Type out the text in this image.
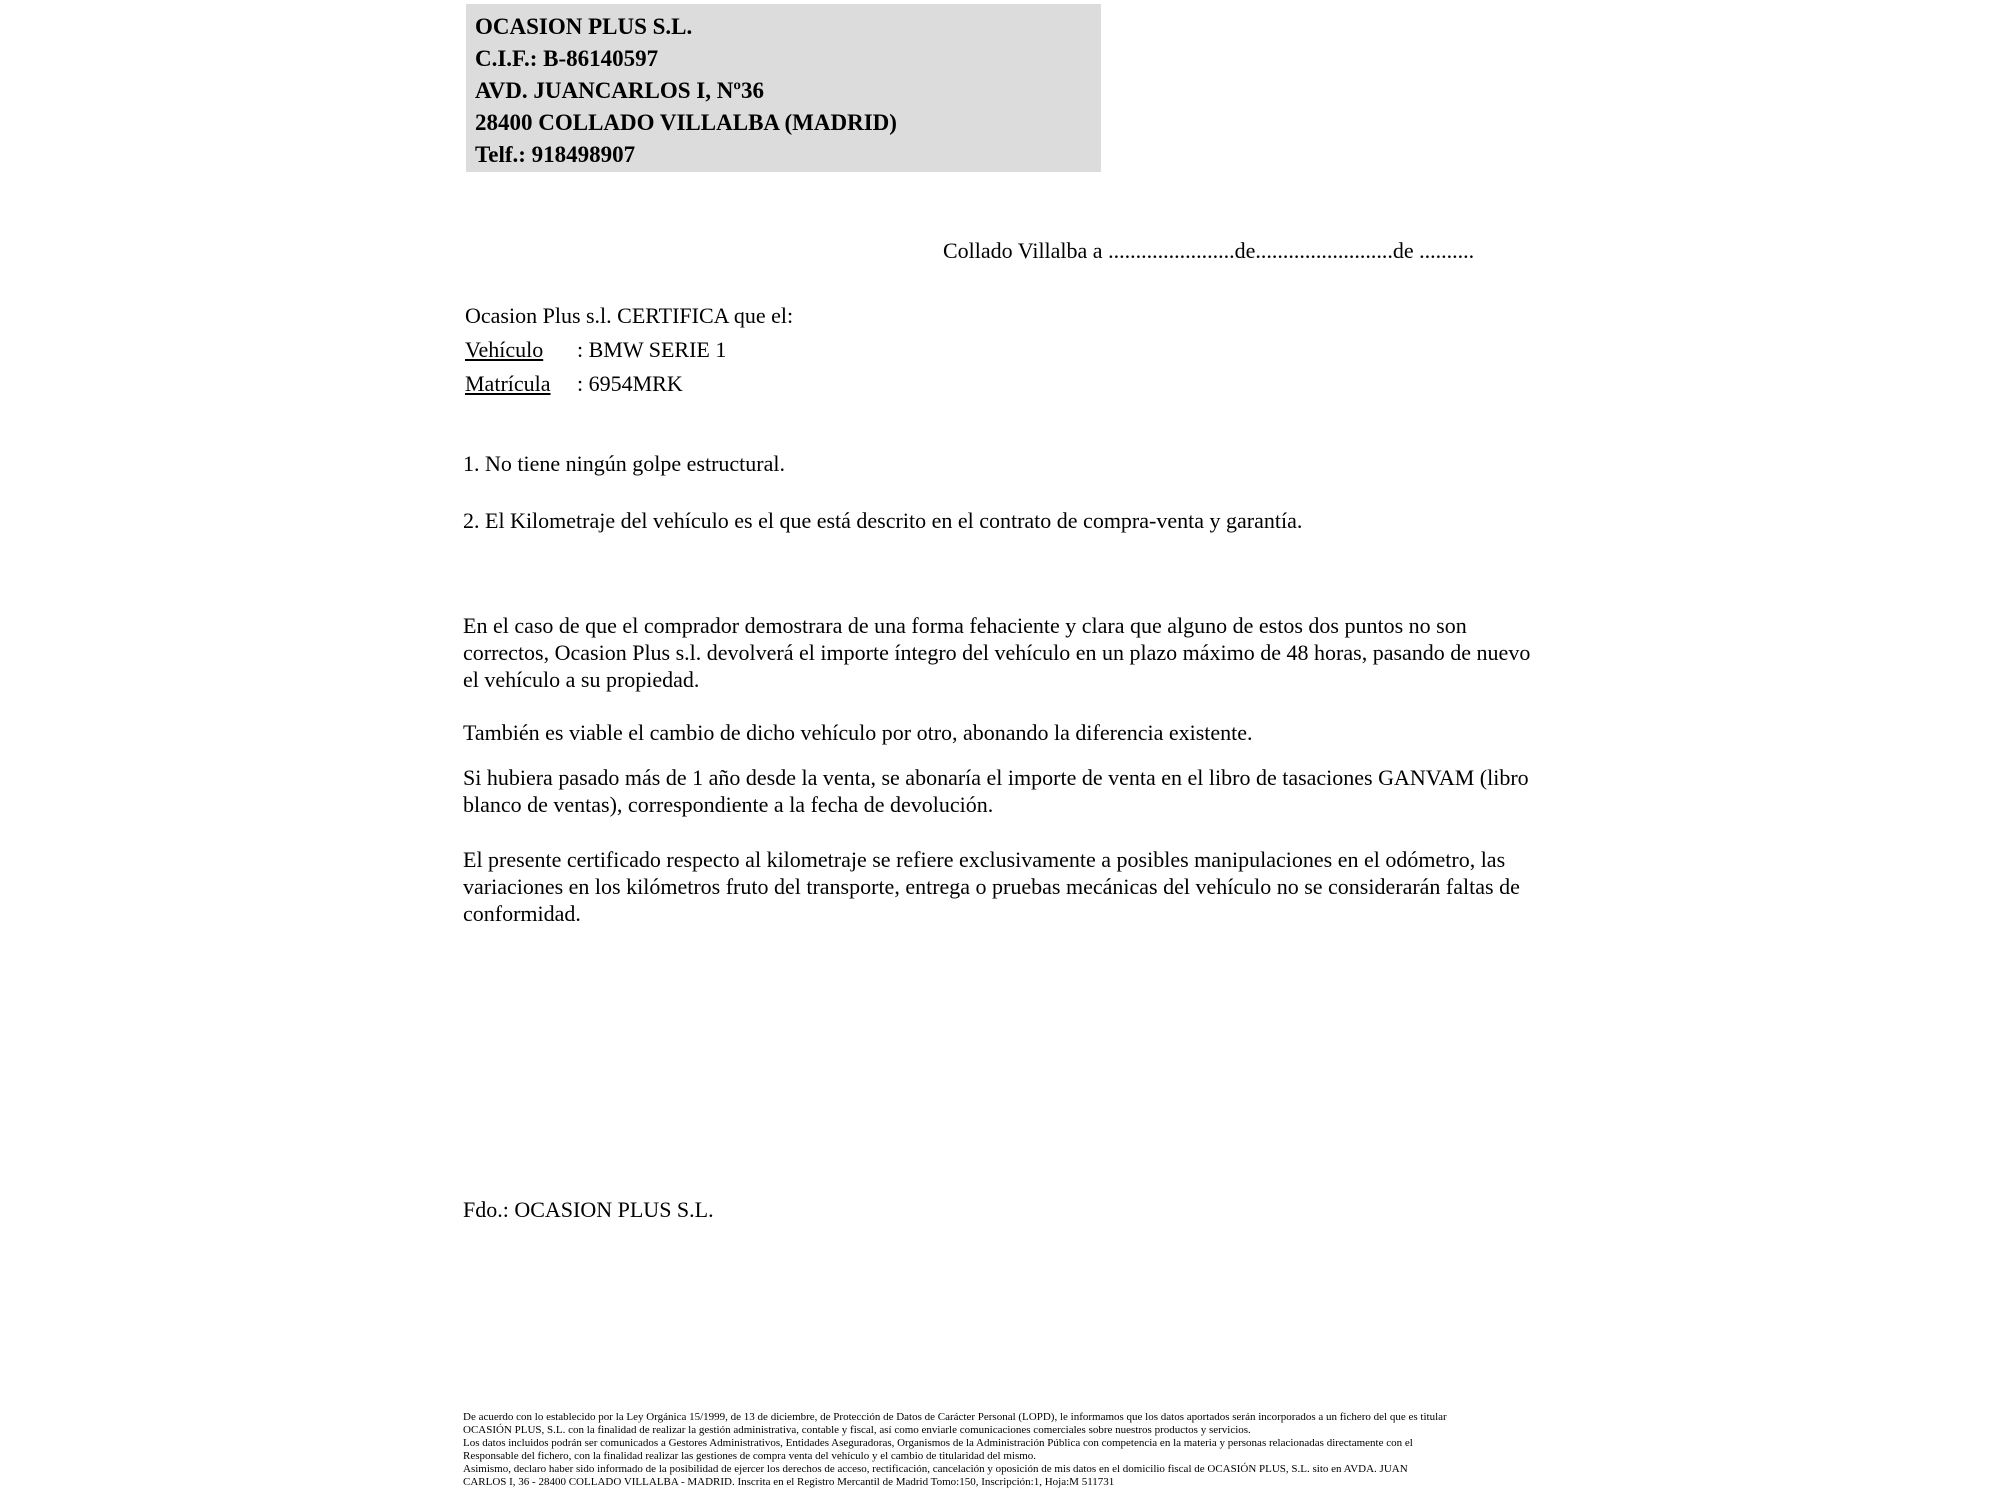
OCASION PLUS S.L.
C.I.F.: B-86140597
AVD. JUANCARLOS I, Nº36
28400 COLLADO VILLALBA (MADRID)
Telf.: 918498907
Collado Villalba a .......................de.........................de ..........
Ocasion Plus s.l. CERTIFICA que el:
Vehículo : BMW SERIE 1
Matrícula : 6954MRK
1. No tiene ningún golpe estructural.
2. El Kilometraje del vehículo es el que está descrito en el contrato de compra-venta y garantía.
En el caso de que el comprador demostrara de una forma fehaciente y clara que alguno de estos dos puntos no son correctos, Ocasion Plus s.l. devolverá el importe íntegro del vehículo en un plazo máximo de 48 horas, pasando de nuevo el vehículo a su propiedad.
También es viable el cambio de dicho vehículo por otro, abonando la diferencia existente.
Si hubiera pasado más de 1 año desde la venta, se abonaría el importe de venta en el libro de tasaciones GANVAM (libro blanco de ventas), correspondiente a la fecha de devolución.
El presente certificado respecto al kilometraje se refiere exclusivamente a posibles manipulaciones en el odómetro, las variaciones en los kilómetros fruto del transporte, entrega o pruebas mecánicas del vehículo no se considerarán faltas de conformidad.
Fdo.: OCASION PLUS S.L.
De acuerdo con lo establecido por la Ley Orgánica 15/1999, de 13 de diciembre, de Protección de Datos de Carácter Personal (LOPD), le informamos que los datos aportados serán incorporados a un fichero del que es titular
OCASIÓN PLUS, S.L. con la finalidad de realizar la gestión administrativa, contable y fiscal, así como enviarle comunicaciones comerciales sobre nuestros productos y servicios.
Los datos incluidos podrán ser comunicados a Gestores Administrativos, Entidades Aseguradoras, Organismos de la Administración Pública con competencia en la materia y personas relacionadas directamente con el
Responsable del fichero, con la finalidad realizar las gestiones de compra venta del vehículo y el cambio de titularidad del mismo.
Asimismo, declaro haber sido informado de la posibilidad de ejercer los derechos de acceso, rectificación, cancelación y oposición de mis datos en el domicilio fiscal de OCASIÓN PLUS, S.L. sito en AVDA. JUAN
CARLOS I, 36 - 28400 COLLADO VILLALBA - MADRID. Inscrita en el Registro Mercantil de Madrid Tomo:150, Inscripción:1, Hoja:M 511731
